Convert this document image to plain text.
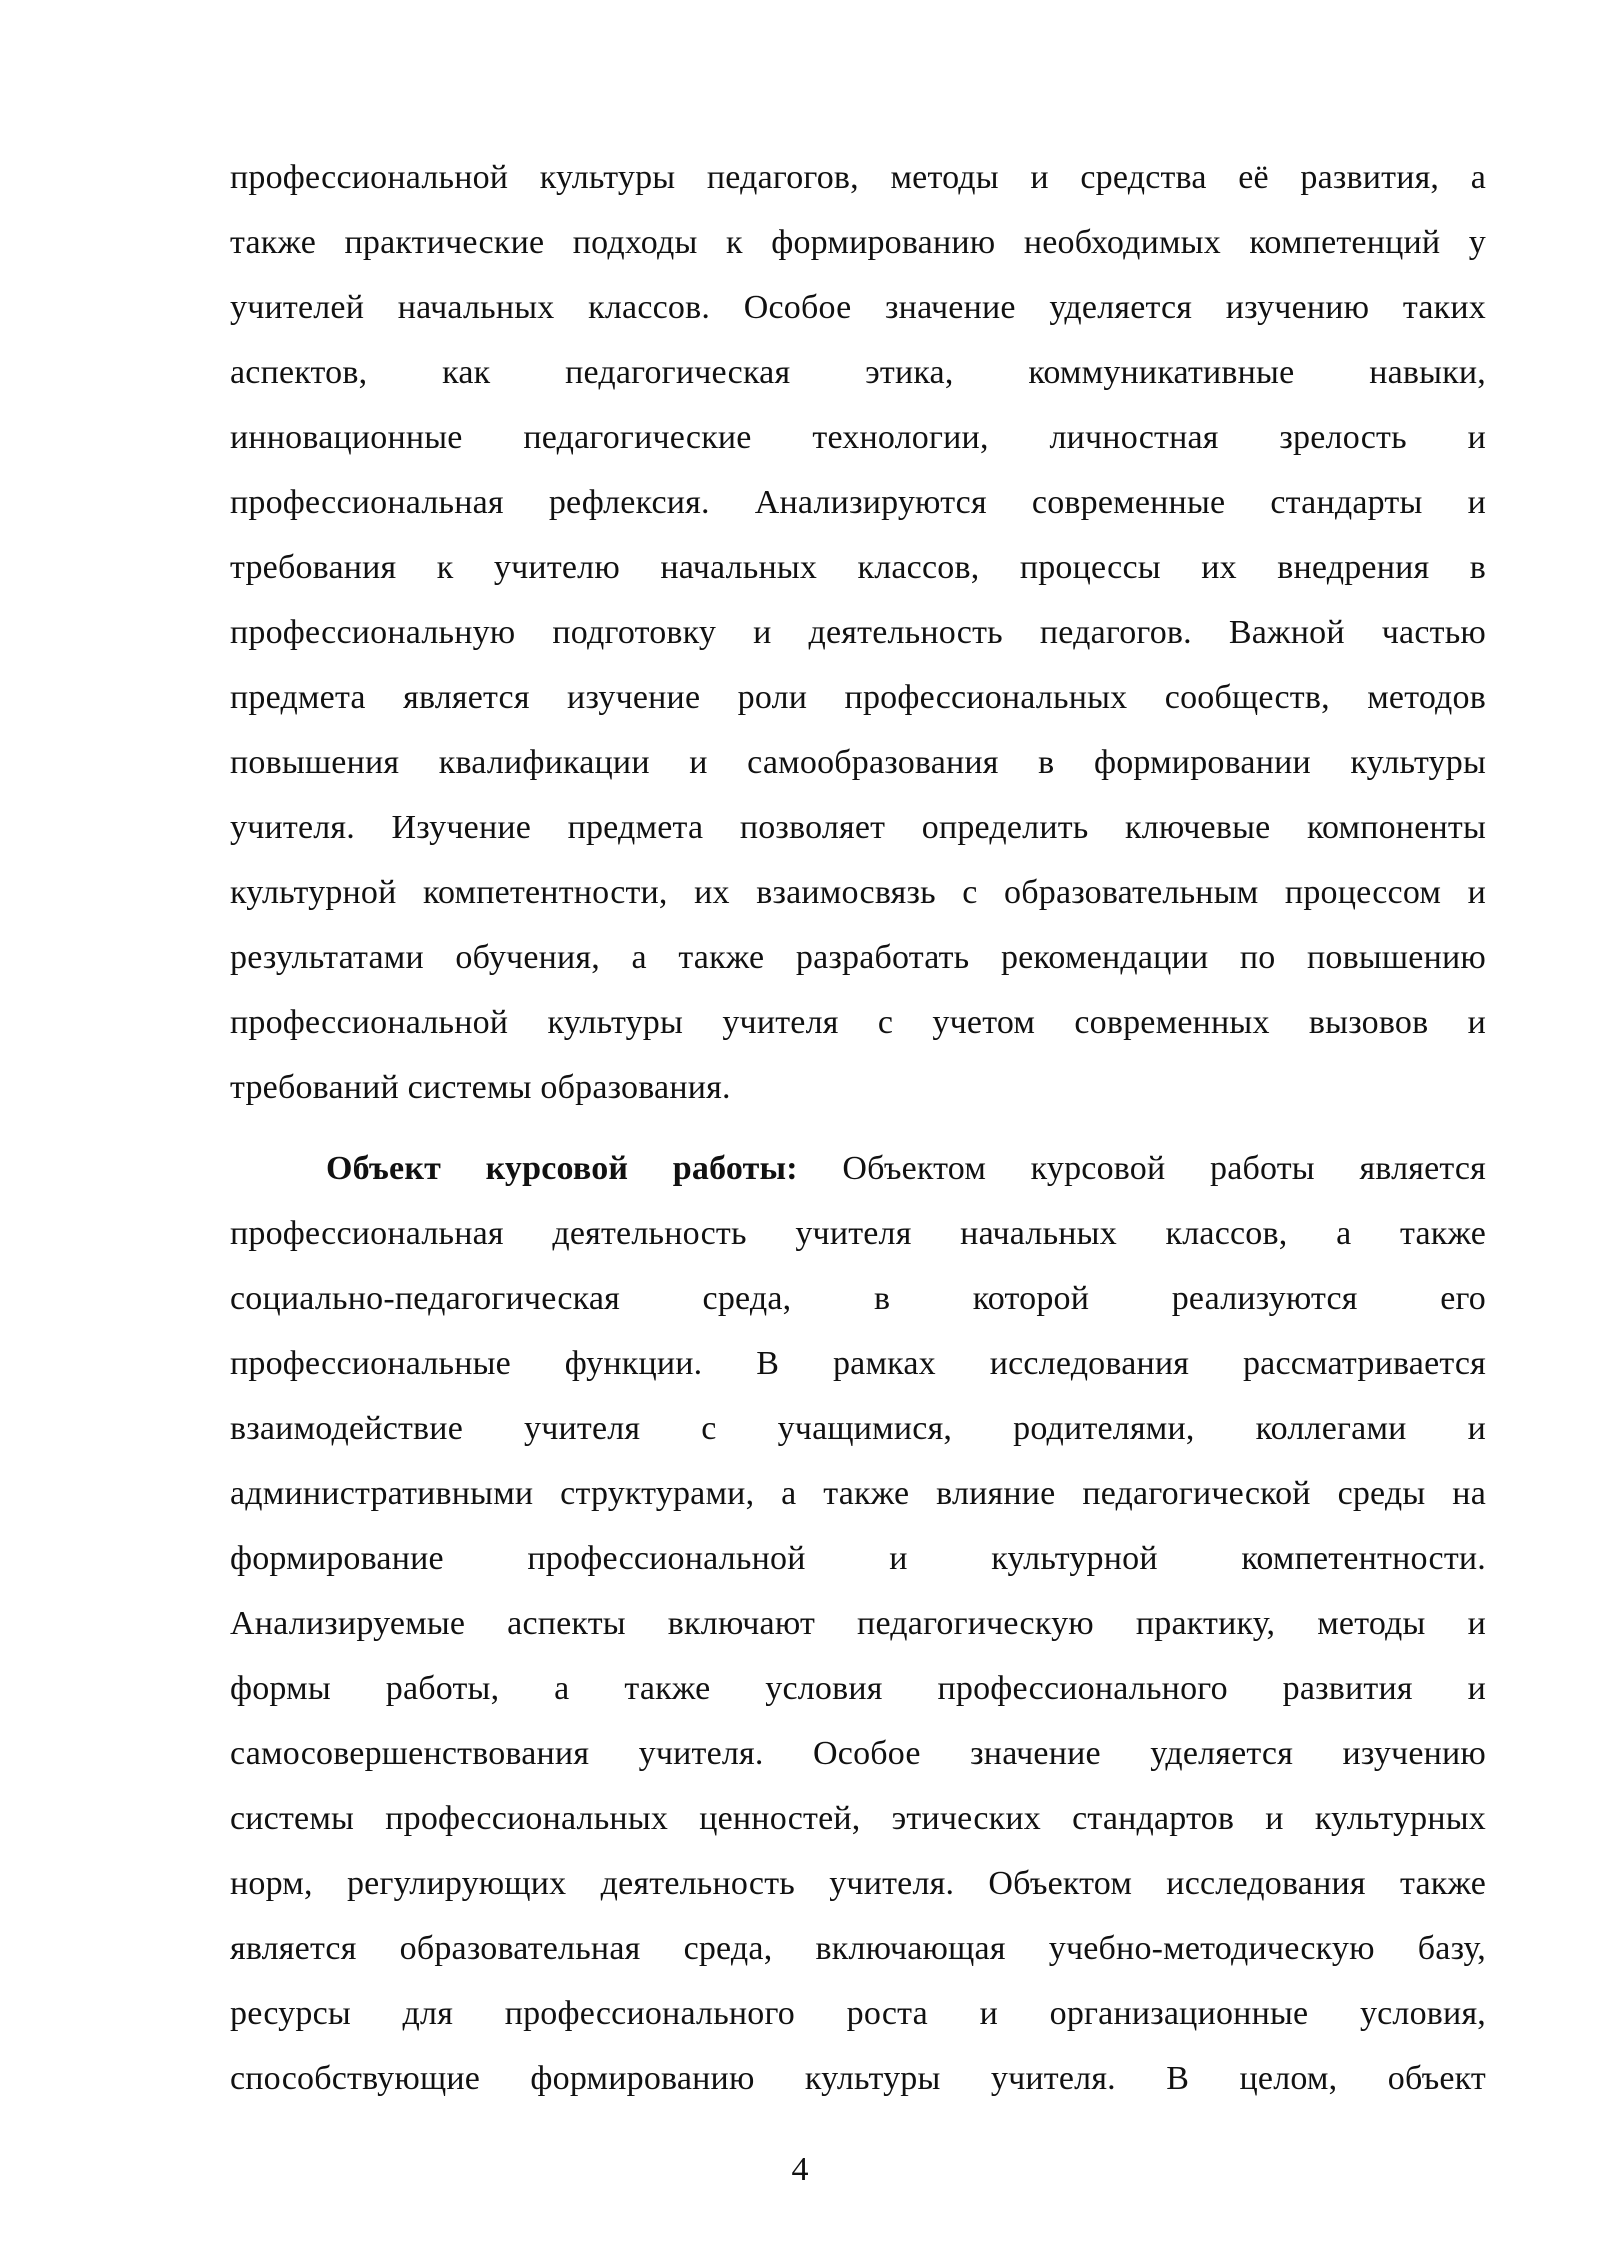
профессиональной культуры педагогов, методы и средства её развития, а
также практические подходы к формированию необходимых компетенций у
учителей начальных классов. Особое значение уделяется изучению таких
аспектов, как педагогическая этика, коммуникативные навыки,
инновационные педагогические технологии, личностная зрелость и
профессиональная рефлексия. Анализируются современные стандарты и
требования к учителю начальных классов, процессы их внедрения в
профессиональную подготовку и деятельность педагогов. Важной частью
предмета является изучение роли профессиональных сообществ, методов
повышения квалификации и самообразования в формировании культуры
учителя. Изучение предмета позволяет определить ключевые компоненты
культурной компетентности, их взаимосвязь с образовательным процессом и
результатами обучения, а также разработать рекомендации по повышению
профессиональной культуры учителя с учетом современных вызовов и
требований системы образования.
Объект курсовой работы: Объектом курсовой работы является
профессиональная деятельность учителя начальных классов, а также
социально-педагогическая среда, в которой реализуются его
профессиональные функции. В рамках исследования рассматривается
взаимодействие учителя с учащимися, родителями, коллегами и
административными структурами, а также влияние педагогической среды на
формирование профессиональной и культурной компетентности.
Анализируемые аспекты включают педагогическую практику, методы и
формы работы, а также условия профессионального развития и
самосовершенствования учителя. Особое значение уделяется изучению
системы профессиональных ценностей, этических стандартов и культурных
норм, регулирующих деятельность учителя. Объектом исследования также
является образовательная среда, включающая учебно-методическую базу,
ресурсы для профессионального роста и организационные условия,
способствующие формированию культуры учителя. В целом, объект
4
